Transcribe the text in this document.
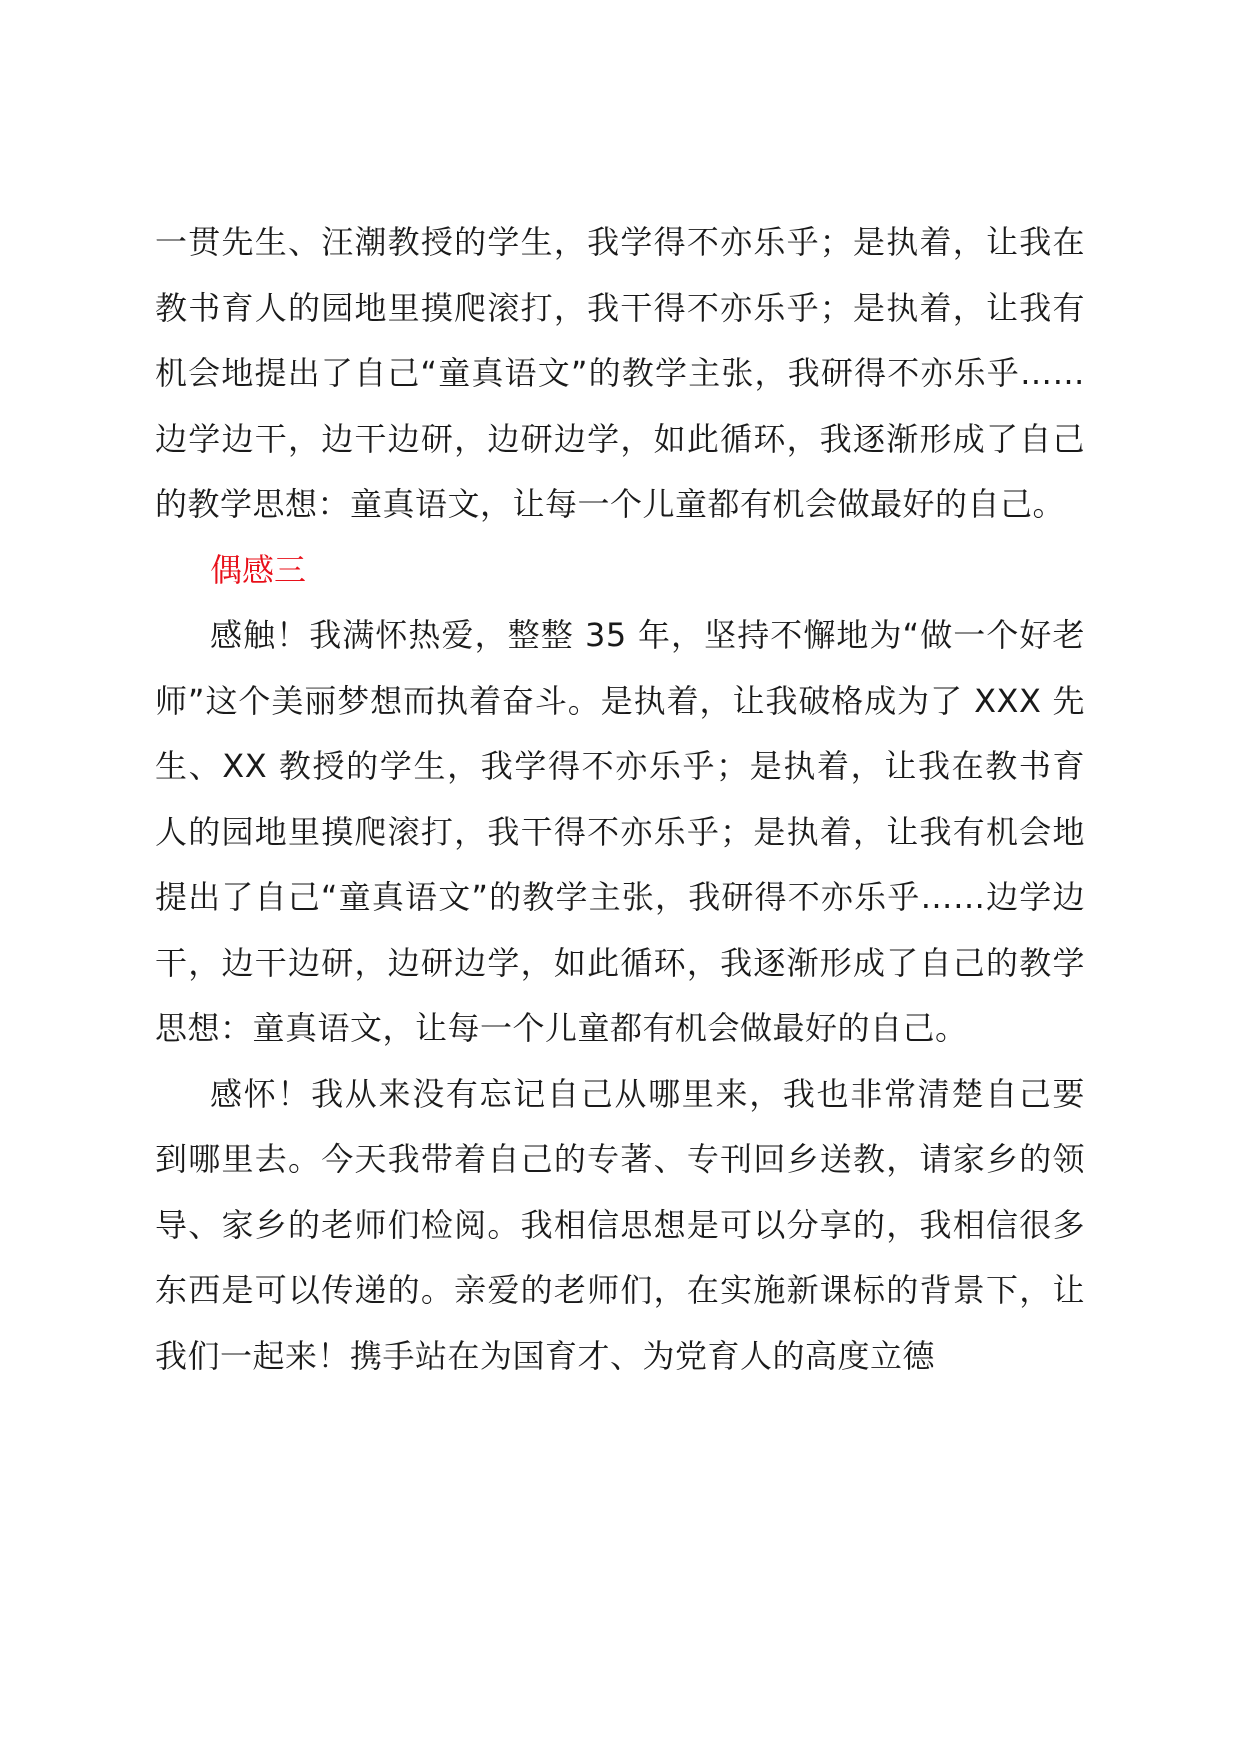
一贯先生、汪潮教授的学生，我学得不亦乐乎；是执着，让我在教书育人的园地里摸爬滚打，我干得不亦乐乎；是执着，让我有机会地提出了自己“童真语文”的教学主张，我研得不亦乐乎……边学边干，边干边研，边研边学，如此循环，我逐渐形成了自己的教学思想：童真语文，让每一个儿童都有机会做最好的自己。

偶感三

感触！我满怀热爱，整整 35 年，坚持不懈地为“做一个好老师”这个美丽梦想而执着奋斗。是执着，让我破格成为了 XXX 先生、XX 教授的学生，我学得不亦乐乎；是执着，让我在教书育人的园地里摸爬滚打，我干得不亦乐乎；是执着，让我有机会地提出了自己“童真语文”的教学主张，我研得不亦乐乎……边学边干，边干边研，边研边学，如此循环，我逐渐形成了自己的教学思想：童真语文，让每一个儿童都有机会做最好的自己。

感怀！我从来没有忘记自己从哪里来，我也非常清楚自己要到哪里去。今天我带着自己的专著、专刊回乡送教，请家乡的领导、家乡的老师们检阅。我相信思想是可以分享的，我相信很多东西是可以传递的。亲爱的老师们，在实施新课标的背景下，让我们一起来！携手站在为国育才、为党育人的高度立德
